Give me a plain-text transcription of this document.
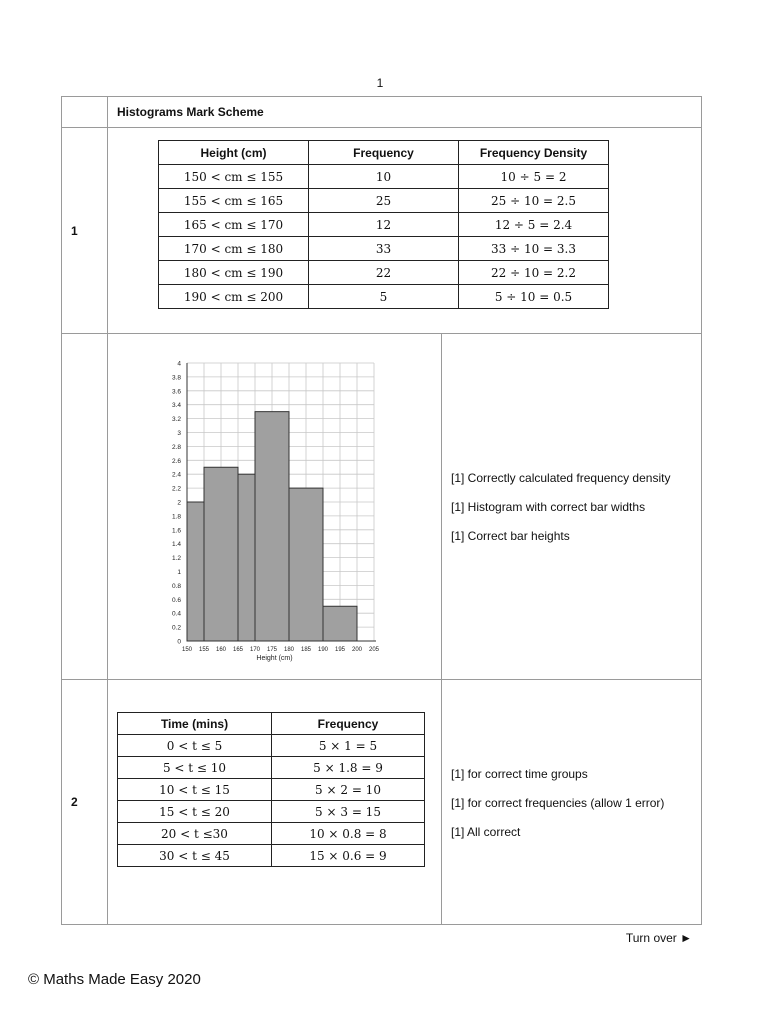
1
Histograms Mark Scheme
1
2
Height (cm)	Frequency	Frequency Density
150 < cm ≤ 155	10	10 ÷ 5 = 2
155 < cm ≤ 165	25	25 ÷ 10 = 2.5
165 < cm ≤ 170	12	12 ÷ 5 = 2.4
170 < cm ≤ 180	33	33 ÷ 10 = 3.3
180 < cm ≤ 190	22	22 ÷ 10 = 2.2
190 < cm ≤ 200	5	5 ÷ 10 = 0.5
0
0.2
0.4
0.6
0.8
1
1.2
1.4
1.6
1.8
2
2.2
2.4
2.6
2.8
3
3.2
3.4
3.6
3.8
4
150 155 160 165 170 175 180 185 190 195 200 205
Height (cm)
[1] Correctly calculated frequency density
[1] Histogram with correct bar widths
[1] Correct bar heights
Time (mins)	Frequency
0 < t ≤ 5	5 × 1 = 5
5 < t ≤ 10	5 × 1.8 = 9
10 < t ≤ 15	5 × 2 = 10
15 < t ≤ 20	5 × 3 = 15
20 < t ≤30	10 × 0.8 = 8
30 < t ≤ 45	15 × 0.6 = 9
[1] for correct time groups
[1] for correct frequencies (allow 1 error)
[1] All correct
Turn over ►
© Maths Made Easy 2020
